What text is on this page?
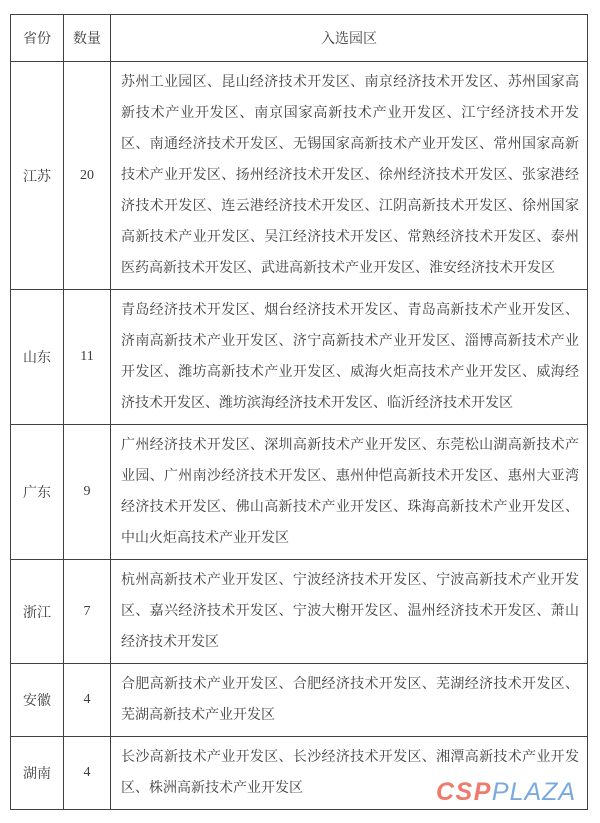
省份	数量	入选园区
江苏	20	苏州工业园区、昆山经济技术开发区、南京经济技术开发区、苏州国家高新技术产业开发区、南京国家高新技术产业开发区、江宁经济技术开发区、南通经济技术开发区、无锡国家高新技术产业开发区、常州国家高新技术产业开发区、扬州经济技术开发区、徐州经济技术开发区、张家港经济技术开发区、连云港经济技术开发区、江阴高新技术开发区、徐州国家高新技术产业开发区、吴江经济技术开发区、常熟经济技术开发区、泰州医药高新技术开发区、武进高新技术产业开发区、淮安经济技术开发区
山东	11	青岛经济技术开发区、烟台经济技术开发区、青岛高新技术产业开发区、济南高新技术产业开发区、济宁高新技术产业开发区、淄博高新技术产业开发区、潍坊高新技术产业开发区、威海火炬高技术产业开发区、威海经济技术开发区、潍坊滨海经济技术开发区、临沂经济技术开发区
广东	9	广州经济技术开发区、深圳高新技术产业开发区、东莞松山湖高新技术产业园、广州南沙经济技术开发区、惠州仲恺高新技术开发区、惠州大亚湾经济技术开发区、佛山高新技术产业开发区、珠海高新技术产业开发区、中山火炬高技术产业开发区
浙江	7	杭州高新技术产业开发区、宁波经济技术开发区、宁波高新技术产业开发区、嘉兴经济技术开发区、宁波大榭开发区、温州经济技术开发区、萧山经济技术开发区
安徽	4	合肥高新技术产业开发区、合肥经济技术开发区、芜湖经济技术开发区、芜湖高新技术产业开发区
湖南	4	长沙高新技术产业开发区、长沙经济技术开发区、湘潭高新技术产业开发区、株洲高新技术产业开发区	CSPPLAZA
